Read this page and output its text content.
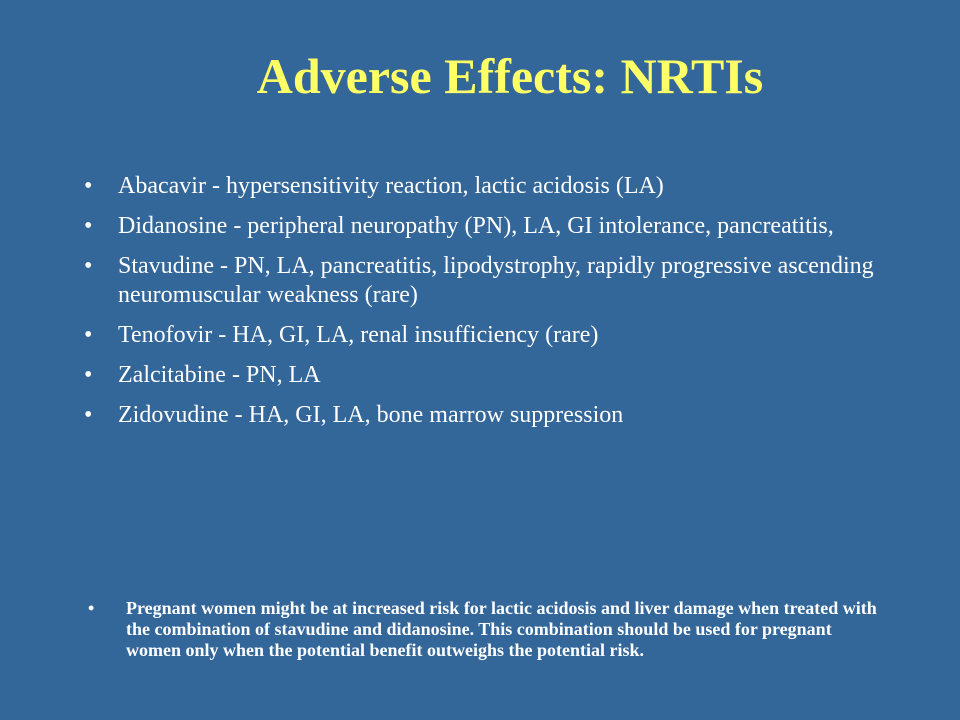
Adverse Effects: NRTIs
• Abacavir - hypersensitivity reaction, lactic acidosis (LA)
• Didanosine - peripheral neuropathy (PN), LA, GI intolerance, pancreatitis,
• Stavudine - PN, LA, pancreatitis, lipodystrophy, rapidly progressive ascending neuromuscular weakness (rare)
• Tenofovir - HA, GI, LA, renal insufficiency (rare)
• Zalcitabine - PN, LA
• Zidovudine - HA, GI, LA, bone marrow suppression
• Pregnant women might be at increased risk for lactic acidosis and liver damage when treated with the combination of stavudine and didanosine. This combination should be used for pregnant women only when the potential benefit outweighs the potential risk.
